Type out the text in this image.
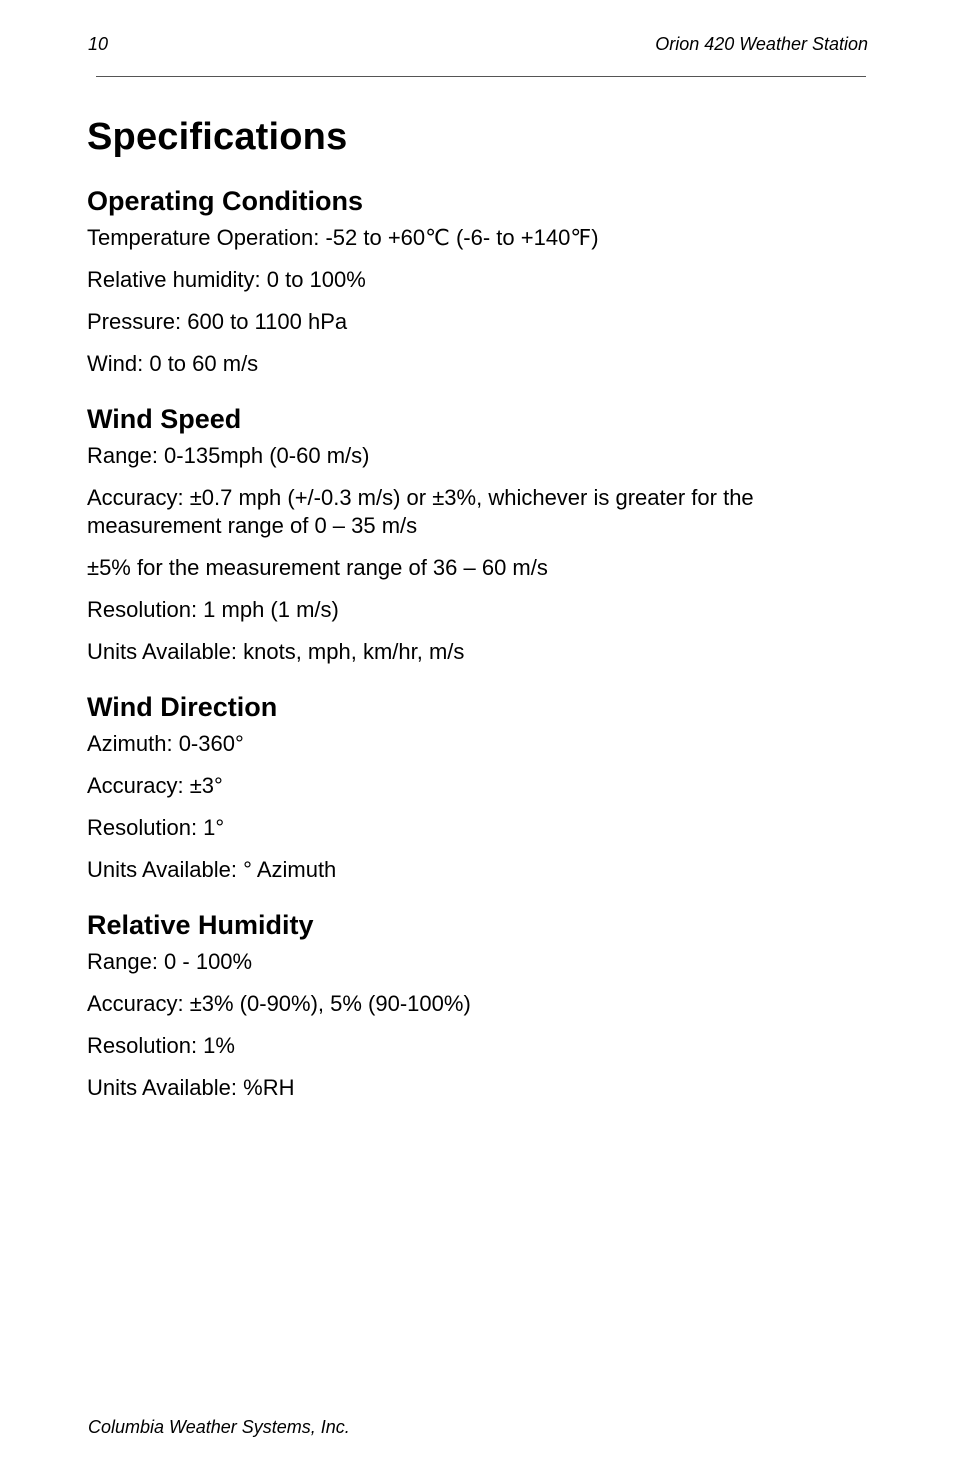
10	Orion 420 Weather Station
Specifications
Operating Conditions

Temperature Operation: -52 to +60℃ (-6- to +140℉)

Relative humidity: 0 to 100%

Pressure: 600 to 1100 hPa

Wind: 0 to 60 m/s

Wind Speed

Range: 0-135mph (0-60 m/s)

Accuracy: ±0.7 mph (+/-0.3 m/s) or ±3%, whichever is greater for the measurement range of 0 – 35 m/s

±5% for the measurement range of 36 – 60 m/s

Resolution: 1 mph (1 m/s)

Units Available: knots, mph, km/hr, m/s

Wind Direction

Azimuth: 0-360°

Accuracy: ±3°

Resolution: 1°

Units Available: ° Azimuth

Relative Humidity

Range: 0 - 100%

Accuracy: ±3% (0-90%), 5% (90-100%)

Resolution: 1%

Units Available: %RH

Columbia Weather Systems, Inc.
